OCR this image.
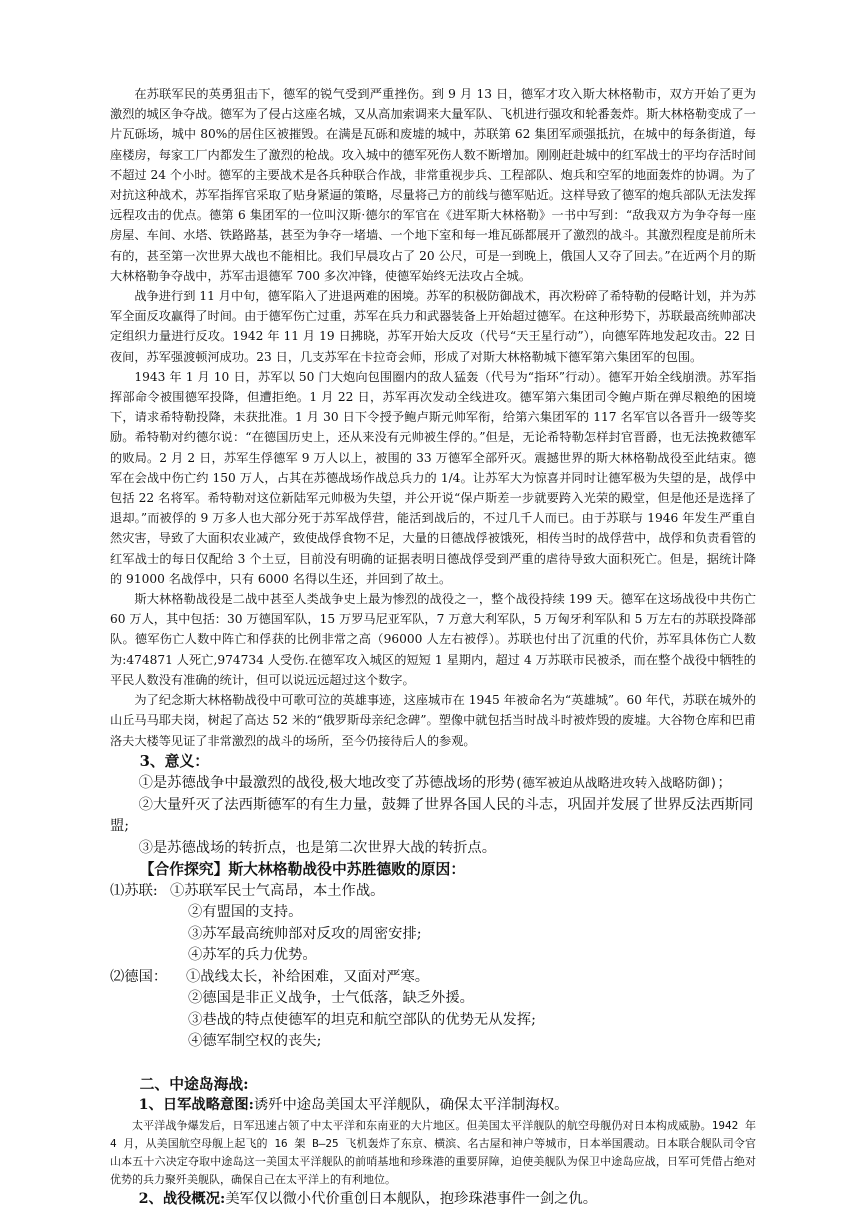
在苏联军民的英勇狙击下，德军的锐气受到严重挫伤。到 9 月 13 日，德军才攻入斯大林格勒市，双方开始了更为激烈的城区争夺战。德军为了侵占这座名城，又从高加索调来大量军队、飞机进行强攻和轮番轰炸。斯大林格勒变成了一片瓦砾场，城中 80%的居住区被摧毁。在满是瓦砾和废墟的城中，苏联第 62 集团军顽强抵抗，在城中的每条街道，每座楼房，每家工厂内都发生了激烈的枪战。攻入城中的德军死伤人数不断增加。刚刚赶赴城中的红军战士的平均存活时间不超过 24 个小时。德军的主要战术是各兵种联合作战，非常重视步兵、工程部队、炮兵和空军的地面轰炸的协调。为了对抗这种战术，苏军指挥官采取了贴身紧逼的策略，尽量将己方的前线与德军贴近。这样导致了德军的炮兵部队无法发挥远程攻击的优点。德第 6 集团军的一位叫汉斯·德尔的军官在《进军斯大林格勒》一书中写到：“敌我双方为争夺每一座房屋、车间、水塔、铁路路基，甚至为争夺一堵墙、一个地下室和每一堆瓦砾都展开了激烈的战斗。其激烈程度是前所未有的，甚至第一次世界大战也不能相比。我们早晨攻占了 20 公尺，可是一到晚上，俄国人又夺了回去。”在近两个月的斯大林格勒争夺战中，苏军击退德军 700 多次冲锋，使德军始终无法攻占全城。

战争进行到 11 月中旬，德军陷入了进退两难的困境。苏军的积极防御战术，再次粉碎了希特勒的侵略计划，并为苏军全面反攻赢得了时间。由于德军伤亡过重，苏军在兵力和武器装备上开始超过德军。在这种形势下，苏联最高统帅部决定组织力量进行反攻。1942 年 11 月 19 日拂晓，苏军开始大反攻（代号“天王星行动”），向德军阵地发起攻击。22 日夜间，苏军强渡顿河成功。23 日，几支苏军在卡拉奇会师，形成了对斯大林格勒城下德军第六集团军的包围。

1943 年 1 月 10 日，苏军以 50 门大炮向包围圈内的敌人猛轰（代号为“指环”行动）。德军开始全线崩溃。苏军指挥部命令被围德军投降，但遭拒绝。1 月 22 日，苏军再次发动全线进攻。德军第六集团司令鲍卢斯在弹尽粮绝的困境下，请求希特勒投降，未获批准。1 月 30 日下令授予鲍卢斯元帅军衔，给第六集团军的 117 名军官以各晋升一级等奖励。希特勒对约德尔说：“在德国历史上，还从来没有元帅被生俘的。”但是，无论希特勒怎样封官晋爵，也无法挽救德军的败局。2 月 2 日，苏军生俘德军 9 万人以上，被围的 33 万德军全部歼灭。震撼世界的斯大林格勒战役至此结束。德军在会战中伤亡约 150 万人，占其在苏德战场作战总兵力的 1/4。让苏军大为惊喜并同时让德军极为失望的是，战俘中包括 22 名将军。希特勒对这位新陆军元帅极为失望，并公开说“保卢斯差一步就要跨入光荣的殿堂，但是他还是选择了退却。”而被俘的 9 万多人也大部分死于苏军战俘营，能活到战后的，不过几千人而已。由于苏联与 1946 年发生严重自然灾害，导致了大面积农业减产，致使战俘食物不足，大量的日德战俘被饿死，相传当时的战俘营中，战俘和负责看管的红军战士的每日仅配给 3 个土豆，目前没有明确的证据表明日德战俘受到严重的虐待导致大面积死亡。但是，据统计降的 91000 名战俘中，只有 6000 名得以生还，并回到了故土。

斯大林格勒战役是二战中甚至人类战争史上最为惨烈的战役之一，整个战役持续 199 天。德军在这场战役中共伤亡 60 万人，其中包括：30 万德国军队，15 万罗马尼亚军队，7 万意大利军队，5 万匈牙利军队和 5 万左右的苏联投降部队。德军伤亡人数中阵亡和俘获的比例非常之高（96000 人左右被俘）。苏联也付出了沉重的代价，苏军具体伤亡人数为:474871 人死亡,974734 人受伤.在德军攻入城区的短短 1 星期内，超过 4 万苏联市民被杀，而在整个战役中牺牲的平民人数没有准确的统计，但可以说远远超过这个数字。

为了纪念斯大林格勒战役中可歌可泣的英雄事迹，这座城市在 1945 年被命名为“英雄城”。60 年代，苏联在城外的山丘马马耶夫岗，树起了高达 52 米的“俄罗斯母亲纪念碑”。塑像中就包括当时战斗时被炸毁的废墟。大谷物仓库和巴甫洛夫大楼等见证了非常激烈的战斗的场所，至今仍接待后人的参观。

3、意义：

①是苏德战争中最激烈的战役,极大地改变了苏德战场的形势(德军被迫从战略进攻转入战略防御)；

②大量歼灭了法西斯德军的有生力量，鼓舞了世界各国人民的斗志，巩固并发展了世界反法西斯同盟;

③是苏德战场的转折点，也是第二次世界大战的转折点。

【合作探究】斯大林格勒战役中苏胜德败的原因：

⑴苏联: ①苏联军民士气高昂，本土作战。

②有盟国的支持。

③苏军最高统帅部对反攻的周密安排;

④苏军的兵力优势。

⑵德国：	①战线太长，补给困难，又面对严寒。

②德国是非正义战争，士气低落，缺乏外援。

③巷战的特点使德军的坦克和航空部队的优势无从发挥;

④德军制空权的丧失;

二、中途岛海战:

1、日军战略意图:诱歼中途岛美国太平洋舰队，确保太平洋制海权。

太平洋战争爆发后，日军迅速占领了中太平洋和东南亚的大片地区。但美国太平洋舰队的航空母舰仍对日本构成威胁。1942 年 4 月，从美国航空母舰上起飞的 16 架 B—25 飞机轰炸了东京、横滨、名古屋和神户等城市，日本举国震动。日本联合舰队司令官山本五十六决定夺取中途岛这一美国太平洋舰队的前哨基地和珍珠港的重要屏障，迫使美舰队为保卫中途岛应战，日军可凭借占绝对优势的兵力聚歼美舰队，确保自己在太平洋上的有利地位。

2、战役概况:美军仅以微小代价重创日本舰队，抱珍珠港事件一剑之仇。
